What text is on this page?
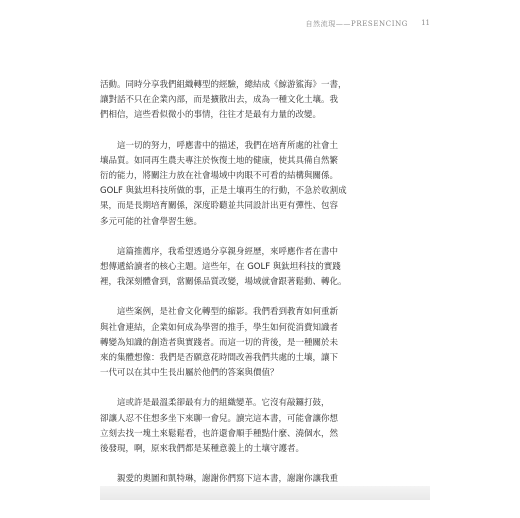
自然流現——PRESENCING 11
活動。同時分享我們組織轉型的經驗，總結成《鯨游鯊海》一書，
讓對話不只在企業內部，而是擴散出去，成為一種文化土壤。我
們相信，這些看似微小的事情，往往才是最有力量的改變。
這一切的努力，呼應書中的描述，我們在培育所處的社會土
壤品質。如同再生農夫專注於恢復土地的健康，使其具備自然繁
衍的能力，將關注力放在社會場域中肉眼不可看的結構與關係。
GOLF 與鈦坦科技所做的事，正是土壤再生的行動，不急於收割成
果，而是長期培育關係，深度聆聽並共同設計出更有彈性、包容
多元可能的社會學習生態。
這篇推薦序，我希望透過分享親身經歷，來呼應作者在書中
想傳遞給讀者的核心主題。這些年，在 GOLF 與鈦坦科技的實踐
裡，我深刻體會到，當關係品質改變，場域就會跟著鬆動、轉化。
這些案例，是社會文化轉型的縮影。我們看到教育如何重新
與社會連結，企業如何成為學習的推手，學生如何從消費知識者
轉變為知識的創造者與實踐者。而這一切的背後，是一種關於未
來的集體想像：我們是否願意花時間改善我們共處的土壤，讓下
一代可以在其中生長出屬於他們的答案與價值？
這或許是最溫柔卻最有力的組織變革。它沒有敲鑼打鼓，
卻讓人忍不住想多坐下來聊一會兒。讀完這本書，可能會讓你想
立刻去找一塊土來鬆鬆看，也許還會順手種點什麼、澆個水，然
後發現，啊，原來我們都是某種意義上的土壤守護者。
親愛的奧圖和凱特琳，謝謝你們寫下這本書，謝謝你讓我重
